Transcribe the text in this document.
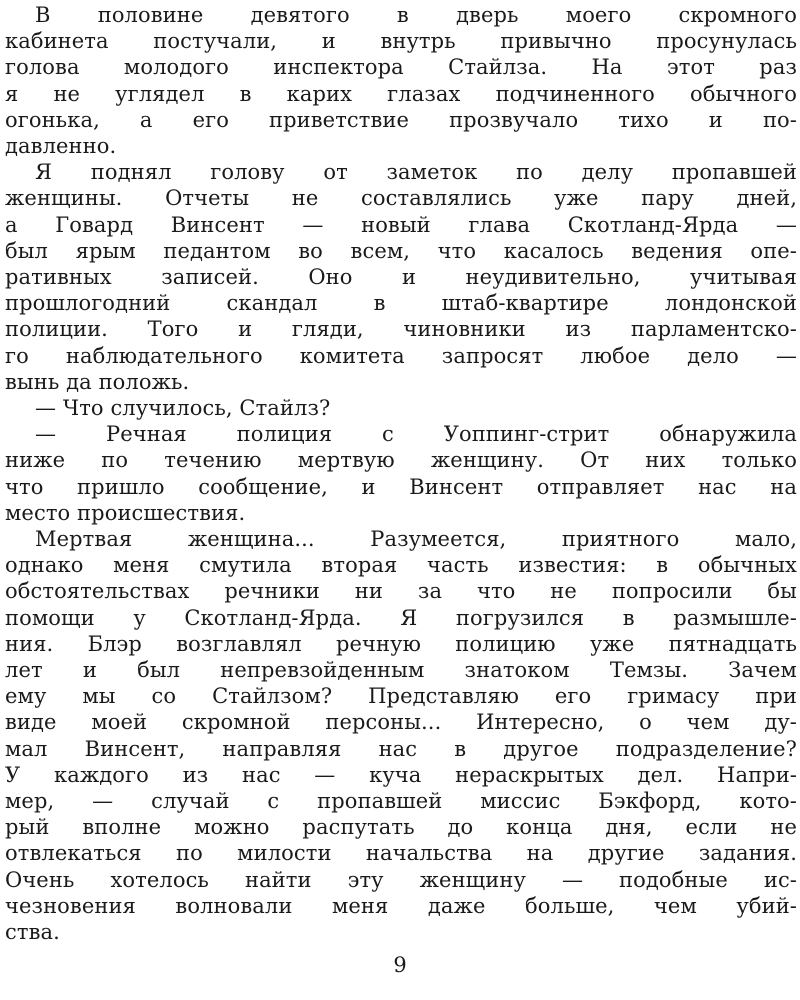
В половине девятого в дверь моего скромного
кабинета постучали, и внутрь привычно просунулась
голова молодого инспектора Стайлза. На этот раз
я не углядел в карих глазах подчиненного обычного
огонька, а его приветствие прозвучало тихо и по-
давленно.
Я поднял голову от заметок по делу пропавшей
женщины. Отчеты не составлялись уже пару дней,
а Говард Винсент — новый глава Скотланд-Ярда —
был ярым педантом во всем, что касалось ведения опе-
ративных записей. Оно и неудивительно, учитывая
прошлогодний скандал в штаб-квартире лондонской
полиции. Того и гляди, чиновники из парламентско-
го наблюдательного комитета запросят любое дело —
вынь да положь.
— Что случилось, Стайлз?
— Речная полиция с Уоппинг-стрит обнаружила
ниже по течению мертвую женщину. От них только
что пришло сообщение, и Винсент отправляет нас на
место происшествия.
Мертвая женщина... Разумеется, приятного мало,
однако меня смутила вторая часть известия: в обычных
обстоятельствах речники ни за что не попросили бы
помощи у Скотланд-Ярда. Я погрузился в размышле-
ния. Блэр возглавлял речную полицию уже пятнадцать
лет и был непревзойденным знатоком Темзы. Зачем
ему мы со Стайлзом? Представляю его гримасу при
виде моей скромной персоны... Интересно, о чем ду-
мал Винсент, направляя нас в другое подразделение?
У каждого из нас — куча нераскрытых дел. Напри-
мер, — случай с пропавшей миссис Бэкфорд, кото-
рый вполне можно распутать до конца дня, если не
отвлекаться по милости начальства на другие задания.
Очень хотелось найти эту женщину — подобные ис-
чезновения волновали меня даже больше, чем убий-
ства.
9
